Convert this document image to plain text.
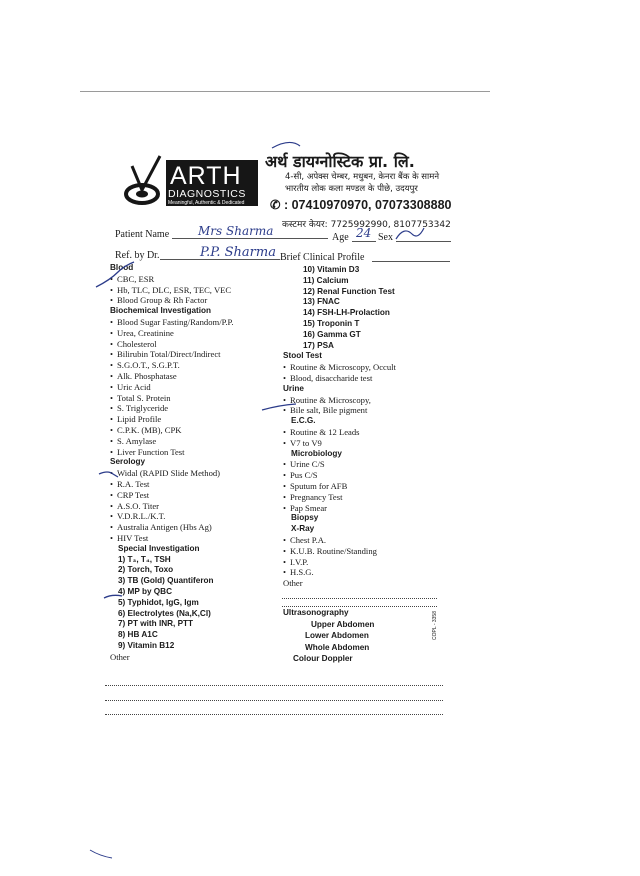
ARTH
DIAGNOSTICS
Meaningful, Authentic & Dedicated
अर्थ डायग्नोस्टिक प्रा. लि.
4-सी, अपेक्स चेम्बर, मधुबन, केनरा बैंक के सामने
भारतीय लोक कला मण्डल के पीछे, उदयपुर
✆ : 07410970970, 07073308880
कस्टमर केयर: 7725992990, 8107753342
Patient Name Mrs Sharma	Age 24 Sex
Ref. by Dr.	P.P. Sharma Brief Clinical Profile
Blood
• CBC, ESR
• Hb, TLC, DLC, ESR, TEC, VEC
• Blood Group & Rh Factor
Biochemical Investigation
• Blood Sugar Fasting/Random/P.P.
• Urea, Creatinine
• Cholesterol
• Bilirubin Total/Direct/Indirect
• S.G.O.T., S.G.P.T.
• Alk. Phosphatase
• Uric Acid
• Total S. Protein
• S. Triglyceride
• Lipid Profile
• C.P.K. (MB), CPK
• S. Amylase
• Liver Function Test
Serology
• Widal (RAPID Slide Method)
• R.A. Test
• CRP Test
• A.S.O. Titer
• V.D.R.L./K.T.
• Australia Antigen (Hbs Ag)
• HIV Test
Special Investigation
1) T₃, T₄, TSH
2) Torch, Toxo
3) TB (Gold) Quantiferon
4) MP by QBC
5) Typhidot, IgG, Igm
6) Electrolytes (Na,K,Cl)
7) PT with INR, PTT
8) HB A1C
9) Vitamin B12
Other
10) Vitamin D3
11) Calcium
12) Renal Function Test
13) FNAC
14) FSH-LH-Prolaction
15) Troponin T
16) Gamma GT
17) PSA
Stool Test
• Routine & Microscopy, Occult
• Blood, disaccharide test
Urine
• Routine & Microscopy,
• Bile salt, Bile pigment
E.C.G.
• Routine & 12 Leads
• V7 to V9
Microbiology
• Urine C/S
• Pus C/S
• Sputum for AFB
• Pregnancy Test
• Pap Smear
Biopsy
X-Ray
• Chest P.A.
• K.U.B. Routine/Standing
• I.V.P.
• H.S.G.
Other
Ultrasonography
Upper Abdomen
Lower Abdomen
Whole Abdomen
Colour Doppler
COPL - 3358
